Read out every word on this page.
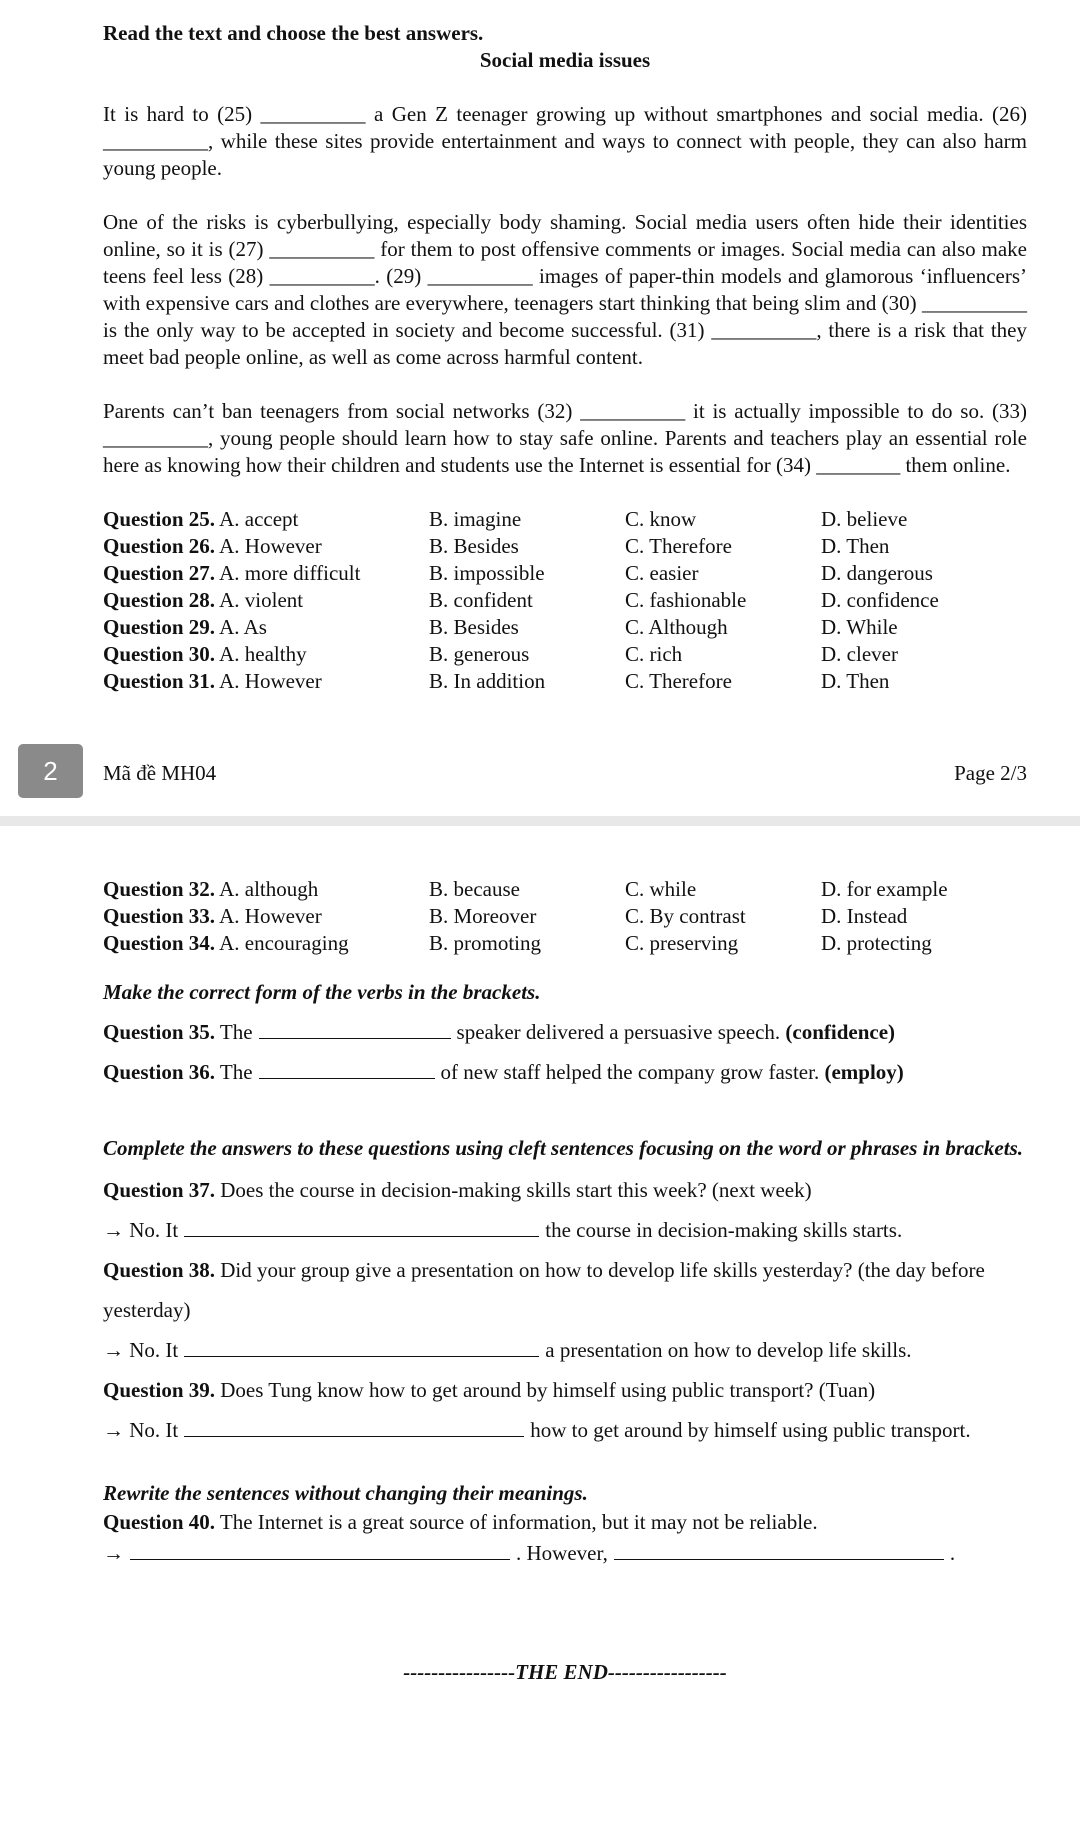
Read the text and choose the best answers.

Social media issues

It is hard to (25) __________ a Gen Z teenager growing up without smartphones and social media. (26) __________, while these sites provide entertainment and ways to connect with people, they can also harm young people.

One of the risks is cyberbullying, especially body shaming. Social media users often hide their identities online, so it is (27) __________ for them to post offensive comments or images. Social media can also make teens feel less (28) __________. (29) __________ images of paper-thin models and glamorous ‘influencers’ with expensive cars and clothes are everywhere, teenagers start thinking that being slim and (30) __________ is the only way to be accepted in society and become successful. (31) __________, there is a risk that they meet bad people online, as well as come across harmful content.

Parents can’t ban teenagers from social networks (32) __________ it is actually impossible to do so. (33) __________, young people should learn how to stay safe online. Parents and teachers play an essential role here as knowing how their children and students use the Internet is essential for (34) ________ them online.

Question 25. A. accept	B. imagine	C. know	D. believe
Question 26. A. However	B. Besides	C. Therefore	D. Then
Question 27. A. more difficult	B. impossible	C. easier	D. dangerous
Question 28. A. violent	B. confident	C. fashionable	D. confidence
Question 29. A. As	B. Besides	C. Although	D. While
Question 30. A. healthy	B. generous	C. rich	D. clever
Question 31. A. However	B. In addition	C. Therefore	D. Then
2	Mã đề MH04	Page 2/3
Question 32. A. although	B. because	C. while	D. for example
Question 33. A. However	B. Moreover	C. By contrast	D. Instead
Question 34. A. encouraging	B. promoting	C. preserving	D. protecting

Make the correct form of the verbs in the brackets.

Question 35. The	speaker delivered a persuasive speech. (confidence)

Question 36. The	of new staff helped the company grow faster. (employ)

Complete the answers to these questions using cleft sentences focusing on the word or phrases in brackets.

Question 37. Does the course in decision-making skills start this week? (next week)

→ No. It	the course in decision-making skills starts.

Question 38. Did your group give a presentation on how to develop life skills yesterday? (the day before yesterday)

→ No. It	a presentation on how to develop life skills.

Question 39. Does Tung know how to get around by himself using public transport? (Tuan)

→ No. It	how to get around by himself using public transport.

Rewrite the sentences without changing their meanings.

Question 40. The Internet is a great source of information, but it may not be reliable.

→	. However,	.

----------------THE END-----------------
